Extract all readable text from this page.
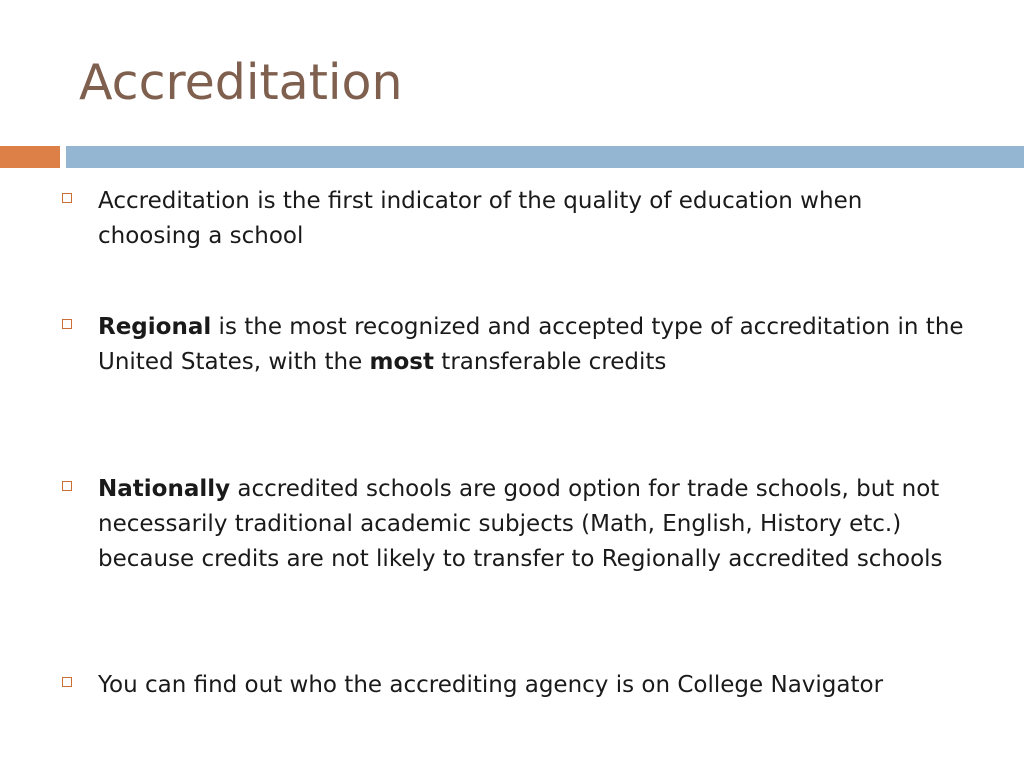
Accreditation
Accreditation is the first indicator of the quality of education when choosing a school
Regional is the most recognized and accepted type of accreditation in the United States, with the most transferable credits
Nationally accredited schools are good option for trade schools, but not necessarily traditional academic subjects (Math, English, History etc.) because credits are not likely to transfer to Regionally accredited schools
You can find out who the accrediting agency is on College Navigator
